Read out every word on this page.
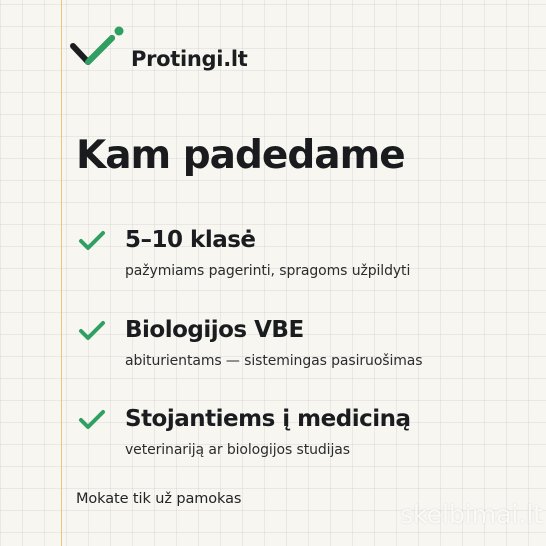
Protingi.lt
Kam padedame
5–10 klasė
pažymiams pagerinti, spragoms užpildyti
Biologijos VBE
abiturientams — sistemingas pasiruošimas
Stojantiems į mediciną
veterinariją ar biologijos studijas
Mokate tik už pamokas
skelbimai.lt
